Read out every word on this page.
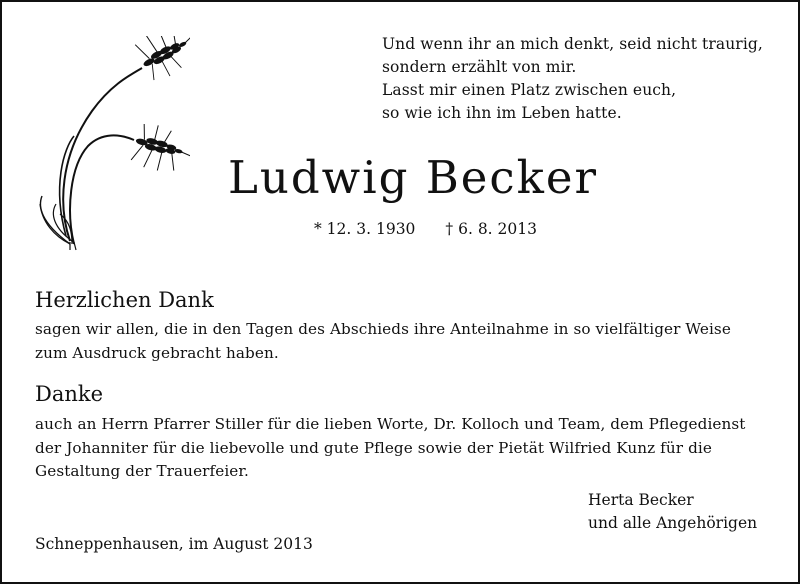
Und wenn ihr an mich denkt, seid nicht traurig,
sondern erzählt von mir.
Lasst mir einen Platz zwischen euch,
so wie ich ihn im Leben hatte.
Ludwig Becker
* 12. 3. 1930 † 6. 8. 2013
Herzlichen Dank
sagen wir allen, die in den Tagen des Abschieds ihre Anteilnahme in so vielfältiger Weise
zum Ausdruck gebracht haben.
Danke
auch an Herrn Pfarrer Stiller für die lieben Worte, Dr. Kolloch und Team, dem Pflegedienst
der Johanniter für die liebevolle und gute Pflege sowie der Pietät Wilfried Kunz für die
Gestaltung der Trauerfeier.
Herta Becker
und alle Angehörigen
Schneppenhausen, im August 2013
